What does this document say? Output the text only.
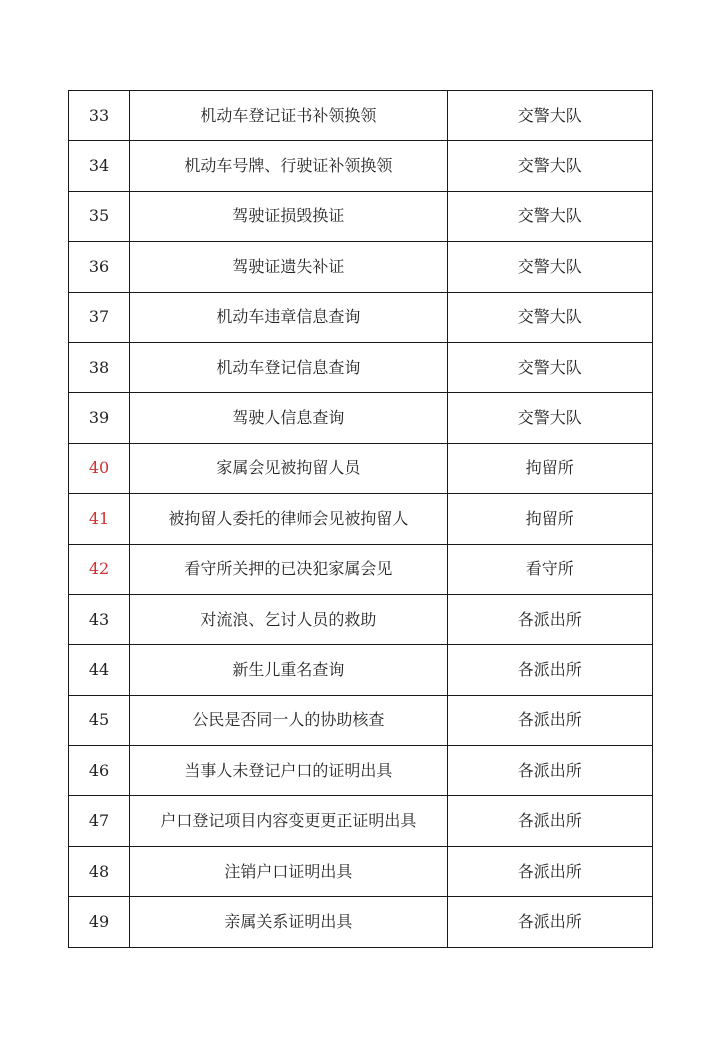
33	机动车登记证书补领换领	交警大队
34	机动车号牌、行驶证补领换领	交警大队
35	驾驶证损毁换证	交警大队
36	驾驶证遗失补证	交警大队
37	机动车违章信息查询	交警大队
38	机动车登记信息查询	交警大队
39	驾驶人信息查询	交警大队
40	家属会见被拘留人员	拘留所
41	被拘留人委托的律师会见被拘留人	拘留所
42	看守所关押的已决犯家属会见	看守所
43	对流浪、乞讨人员的救助	各派出所
44	新生儿重名查询	各派出所
45	公民是否同一人的协助核查	各派出所
46	当事人未登记户口的证明出具	各派出所
47	户口登记项目内容变更更正证明出具	各派出所
48	注销户口证明出具	各派出所
49	亲属关系证明出具	各派出所
